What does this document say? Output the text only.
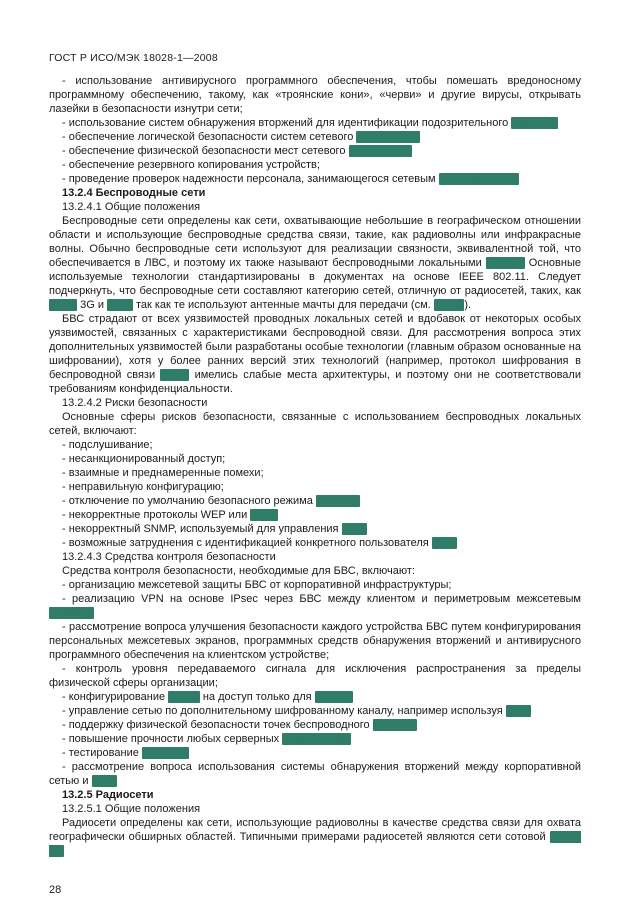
ГОСТ Р ИСО/МЭК 18028-1—2008

- использование антивирусного программного обеспечения, чтобы помешать вредоносному программному обеспечению, такому, как «троянские кони», «черви» и другие вирусы, открывать лазейки в безопасности изнутри сети;

- использование систем обнаружения вторжений для идентификации подозрительного трафика;

- обеспечение логической безопасности систем сетевого управления;

- обеспечение физической безопасности мест сетевого управления;

- обеспечение резервного копирования устройств;

- проведение проверок надежности персонала, занимающегося сетевым менеджментом.

13.2.4 Беспроводные сети

13.2.4.1 Общие положения

Беспроводные сети определены как сети, охватывающие небольшие в географическом отношении области и использующие беспроводные средства связи, такие, как радиоволны или инфракрасные волны. Обычно беспроводные сети используют для реализации связности, эквивалентной той, что обеспечивается в ЛВС, и поэтому их также называют беспроводными локальными сетями. Основные используемые технологии стандартизированы в документах на основе IEEE 802.11. Следует подчеркнуть, что беспроводные сети составляют категорию сетей, отличную от радиосетей, таких, как GSM, 3G и ОВЧ, так как те используют антенные мачты для передачи (см. 13.2.5).

БВС страдают от всех уязвимостей проводных локальных сетей и вдобавок от некоторых особых уязвимостей, связанных с характеристиками беспроводной связи. Для рассмотрения вопроса этих дополнительных уязвимостей были разработаны особые технологии (главным образом основанные на шифровании), хотя у более ранних версий этих технологий (например, протокол шифрования в беспроводной связи WEP) имелись слабые места архитектуры, и поэтому они не соответствовали требованиям конфиденциальности.

13.2.4.2 Риски безопасности

Основные сферы рисков безопасности, связанные с использованием беспроводных локальных сетей, включают:

- подслушивание;

- несанкционированный доступ;

- взаимные и преднамеренные помехи;

- неправильную конфигурацию;

- отключение по умолчанию безопасного режима доступа;

- некорректные протоколы WEP или TKIP;

- некорректный SNMP, используемый для управления БВС;

- возможные затруднения с идентификацией конкретного пользователя БВС.

13.2.4.3 Средства контроля безопасности

Средства контроля безопасности, необходимые для БВС, включают:

- организацию межсетевой защиты БВС от корпоративной инфраструктуры;

- реализацию VPN на основе IPsec через БВС между клиентом и периметровым межсетевым экраном;

- рассмотрение вопроса улучшения безопасности каждого устройства БВС путем конфигурирования персональных межсетевых экранов, программных средств обнаружения вторжений и антивирусного программного обеспечения на клиентском устройстве;

- контроль уровня передаваемого сигнала для исключения распространения за пределы физической сферы организации;

- конфигурирование SNMP на доступ только для чтения;

- управление сетью по дополнительному шифрованному каналу, например используя SSH;

- поддержку физической безопасности точек беспроводного доступа;

- повышение прочности любых серверных компонентов;

- тестирование системы;

- рассмотрение вопроса использования системы обнаружения вторжений между корпоративной сетью и БВС.

13.2.5 Радиосети

13.2.5.1 Общие положения

Радиосети определены как сети, использующие радиоволны в качестве средства связи для охвата географически обширных областей. Типичными примерами радиосетей являются сети сотовой связи, ис-

28
